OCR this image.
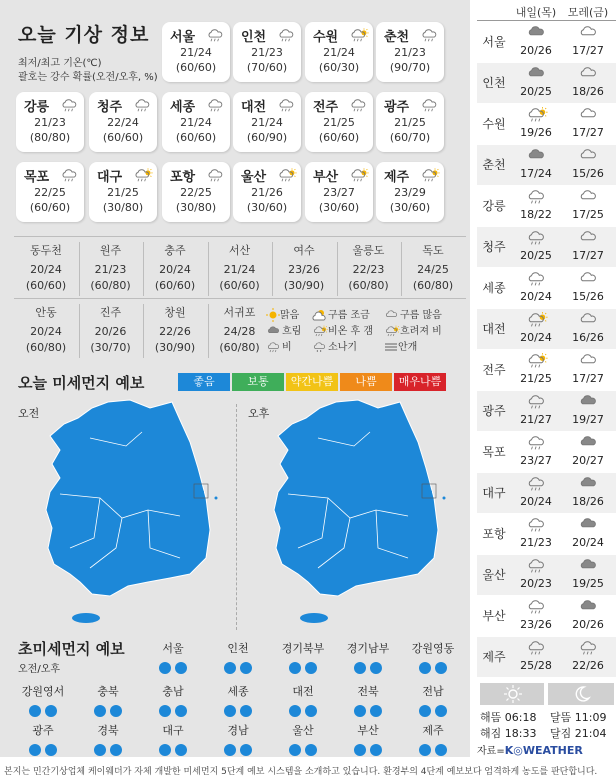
오늘 기상 정보
최저/최고 기온(℃)
괄호는 강수 확률(오전/오후, %)
서울
21/24
(60/60)
인천
21/23
(70/60)
수원
21/24
(60/30)
춘천
21/23
(90/70)
강릉
21/23
(80/80)
청주
22/24
(60/60)
세종
21/24
(60/60)
대전
21/24
(60/90)
전주
21/25
(60/60)
광주
21/25
(60/70)
목포
22/25
(60/60)
대구
21/25
(30/80)
포항
22/25
(30/80)
울산
21/26
(30/60)
부산
23/27
(30/60)
제주
23/29
(30/60)
동두천
20/24
(60/60)
원주
21/23
(60/80)
충주
20/24
(60/60)
서산
21/24
(60/60)
여수
23/26
(30/90)
울릉도
22/23
(60/80)
독도
24/25
(60/80)
안동
20/24
(60/80)
진주
20/26
(30/70)
창원
22/26
(30/90)
서귀포
24/28
(60/80)
맑음	구름 조금	구름 많음
흐림	비온 후 갬	흐려져 비
비	소나기	안개
오늘 미세먼지 예보	좋음	보통	약간나쁨	나쁨	매우나쁨
오전	오후
초미세먼지 예보
오전/오후
서울	인천	경기북부	경기남부	강원영동
강원영서	충북	충남	세종	대전	전북	전남
광주	경북	대구	경남	울산	부산	제주
내일(목)	모레(금)
서울
20/26	17/27
인천
20/25	18/26
수원
19/26	17/27
춘천
17/24	15/26
강릉
18/22	17/25
청주
20/25	17/27
세종
20/24	15/26
대전
20/24	16/26
전주
21/25	17/27
광주
21/27	19/27
목포
23/27	20/27
대구
20/24	18/26
포항
21/23	20/24
울산
20/23	19/25
부산
23/26	20/26
제주
25/28	22/26
해뜸 06:18
해짐 18:33
달뜸 11:09
달짐 21:04
자료=K◎WEATHER
본지는 민간기상업체 케이웨더가 자체 개발한 미세먼지 5단계 예보 시스템을 소개하고 있습니다. 환경부의 4단계 예보보다 엄격하게 농도를 판단합니다.
